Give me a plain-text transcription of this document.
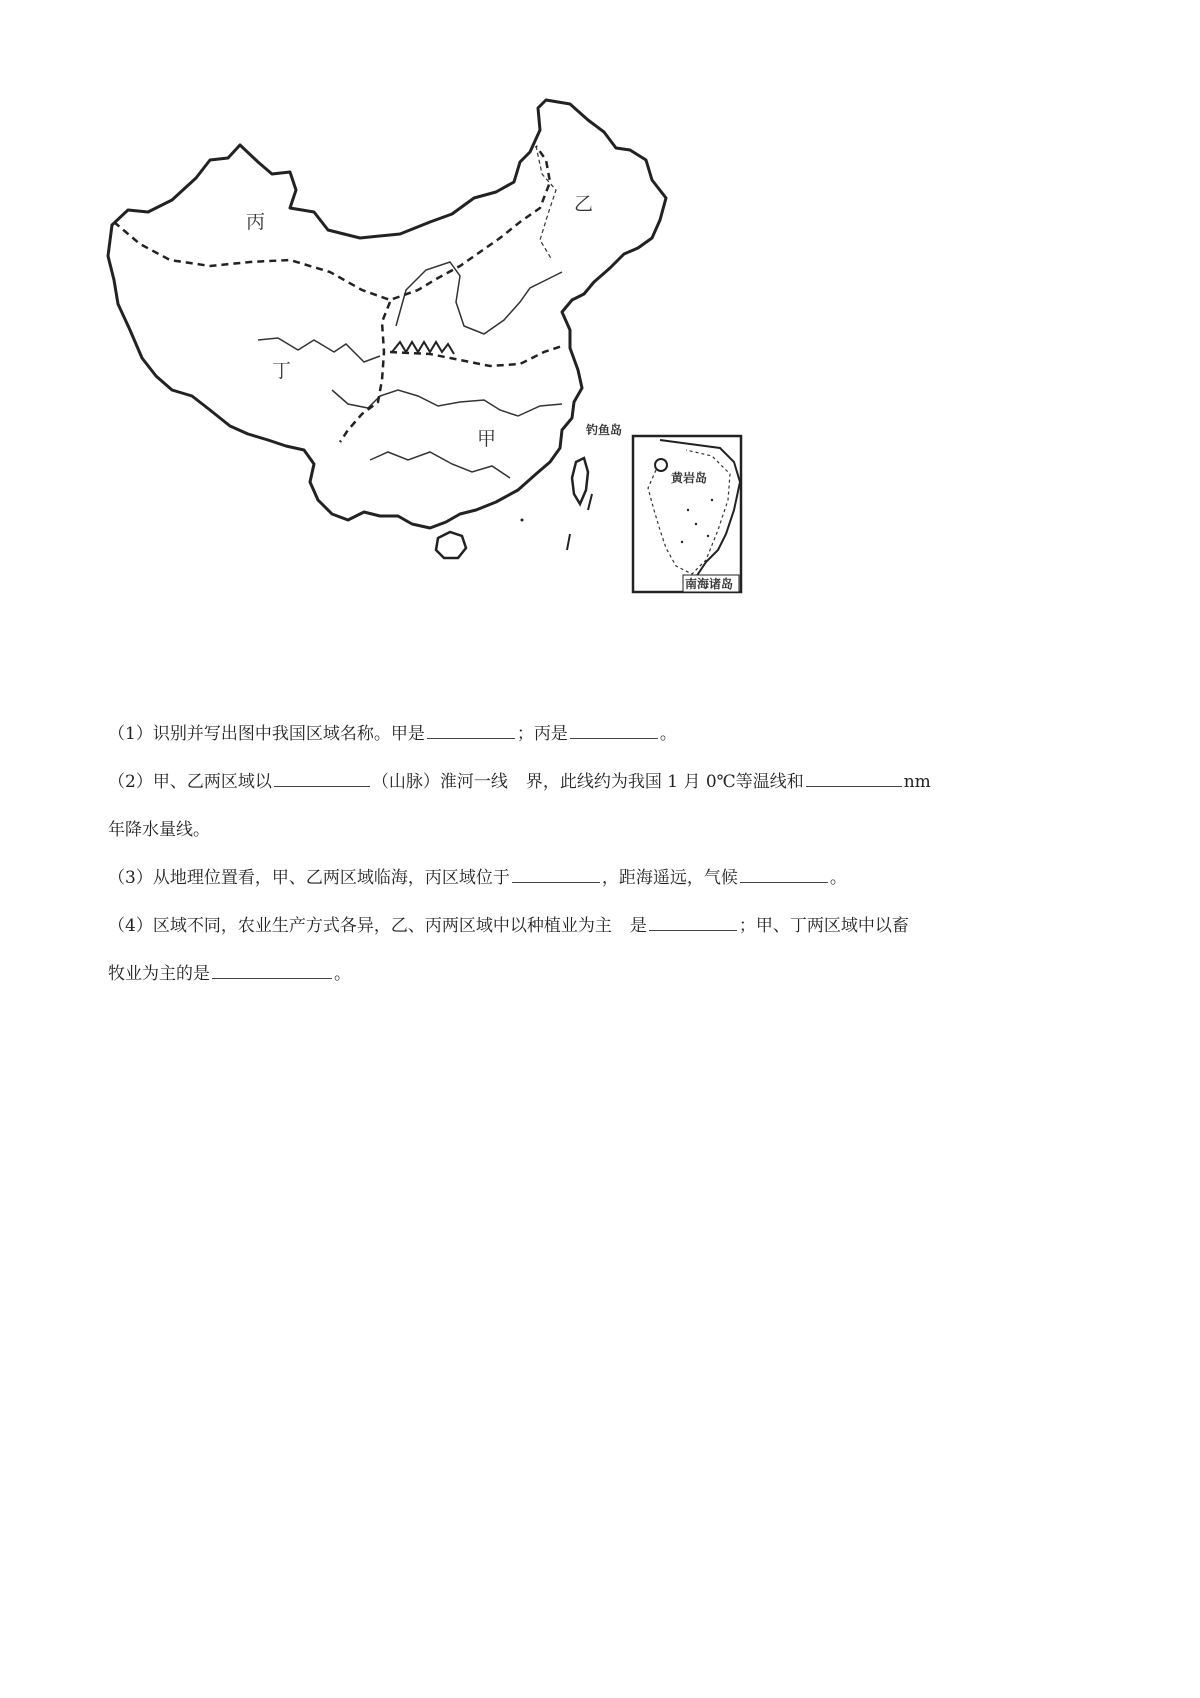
丙
乙
丁
甲	钓鱼岛
黄岩岛
南海诸岛
（1）识别并写出图中我国区域名称。甲是	；丙是	。
（2）甲、乙两区域以	（山脉）淮河一线 界，此线约为我国 1 月 0℃等温线和	nm
年降水量线。
（3）从地理位置看，甲、乙两区域临海，丙区域位于	，距海遥远，气候	。
（4）区域不同，农业生产方式各异，乙、丙两区域中以种植业为主 是	；甲、丁两区域中以畜
牧业为主的是	。
